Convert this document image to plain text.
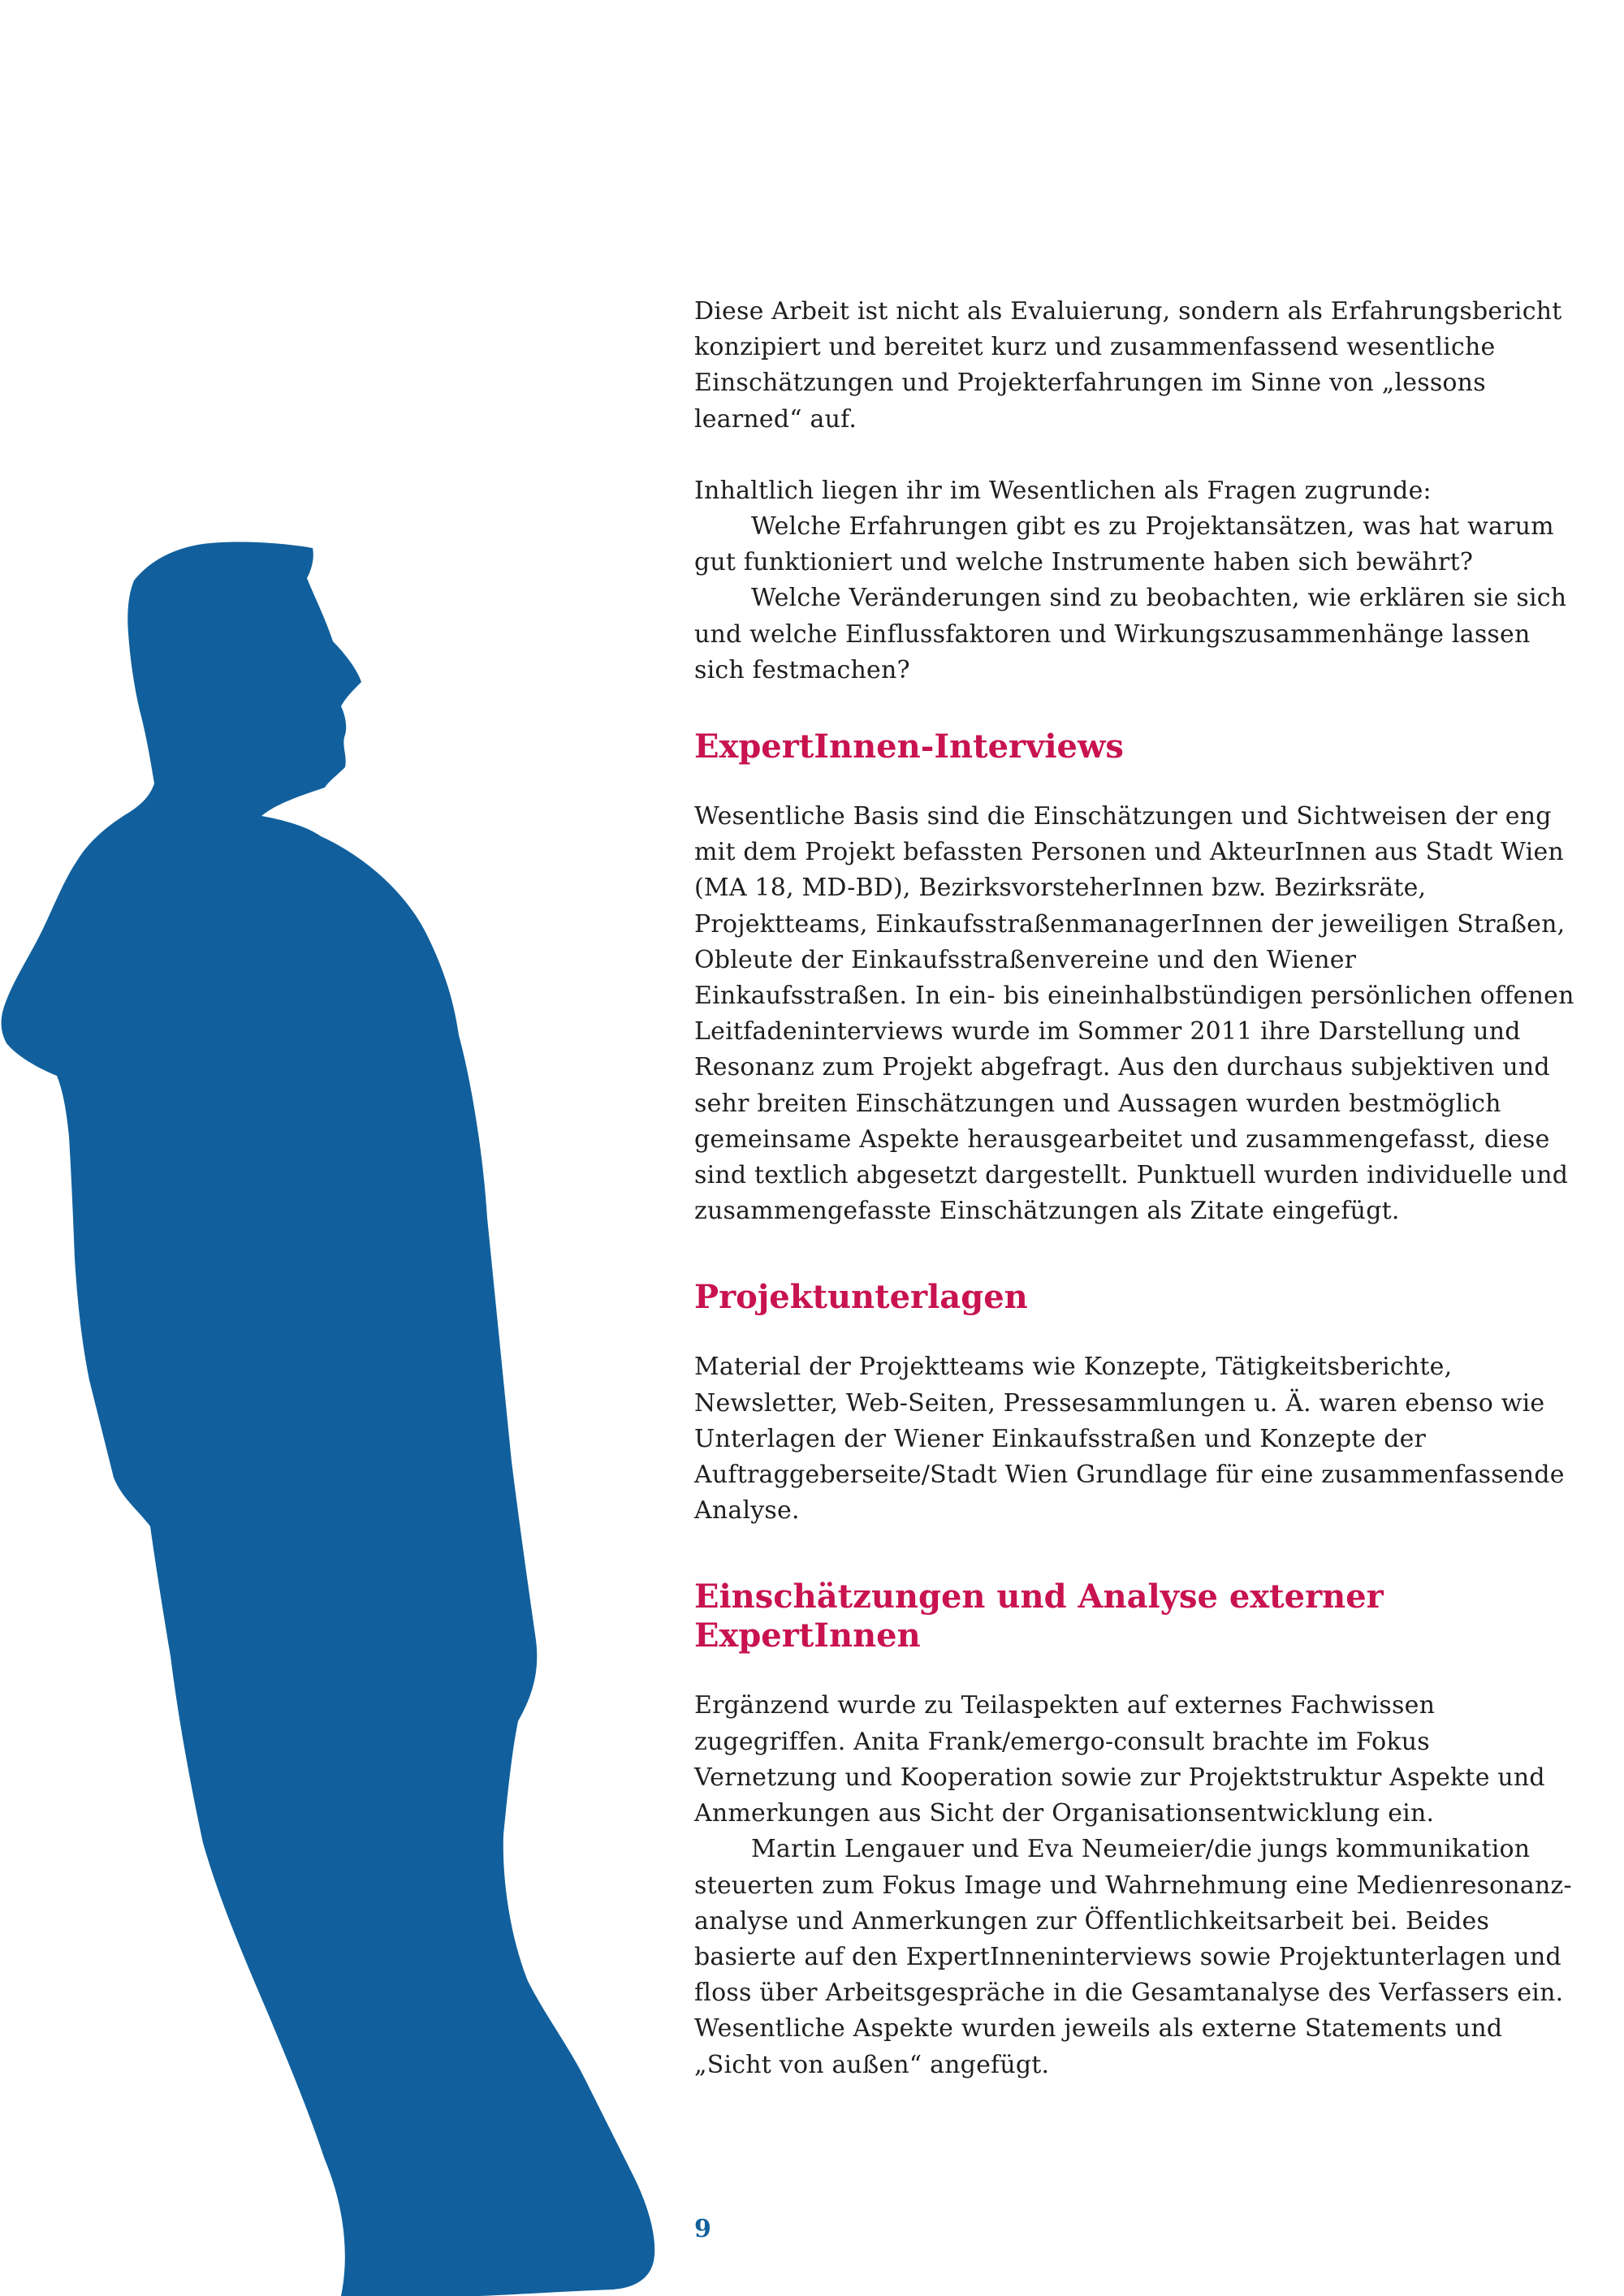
Diese Arbeit ist nicht als Evaluierung, sondern als Erfahrungsbericht konzipiert und bereitet kurz und zusammenfassend wesentliche Einschätzungen und Projekterfahrungen im Sinne von „lessons learned“ auf.

Inhaltlich liegen ihr im Wesentlichen als Fragen zugrunde:

Welche Erfahrungen gibt es zu Projektansätzen, was hat warum gut funktioniert und welche Instrumente haben sich bewährt?

Welche Veränderungen sind zu beobachten, wie erklären sie sich und welche Einflussfaktoren und Wirkungszusammenhänge lassen sich festmachen?

ExpertInnen-Interviews

Wesentliche Basis sind die Einschätzungen und Sichtweisen der eng mit dem Projekt befassten Personen und AkteurInnen aus Stadt Wien (MA 18, MD-BD), BezirksvorsteherInnen bzw. Bezirksräte, Projektteams, EinkaufsstraßenmanagerInnen der jeweiligen Straßen, Obleute der Einkaufsstraßenvereine und den Wiener Einkaufsstraßen. In ein- bis eineinhalbstündigen persönlichen offenen Leitfadeninterviews wurde im Sommer 2011 ihre Darstellung und Resonanz zum Projekt abgefragt. Aus den durchaus subjektiven und sehr breiten Einschätzungen und Aussagen wurden bestmöglich gemeinsame Aspekte herausgearbeitet und zusammengefasst, diese sind textlich abgesetzt dargestellt. Punktuell wurden individuelle und zusammengefasste Einschätzungen als Zitate eingefügt.

Projektunterlagen

Material der Projektteams wie Konzepte, Tätigkeitsberichte, Newsletter, Web-Seiten, Pressesammlungen u. Ä. waren ebenso wie Unterlagen der Wiener Einkaufsstraßen und Konzepte der Auftraggeberseite/Stadt Wien Grundlage für eine zusammenfassende Analyse.

Einschätzungen und Analyse externer ExpertInnen

Ergänzend wurde zu Teilaspekten auf externes Fachwissen zugegriffen. Anita Frank/emergo-consult brachte im Fokus Vernetzung und Kooperation sowie zur Projektstruktur Aspekte und Anmerkungen aus Sicht der Organisationsentwicklung ein.

Martin Lengauer und Eva Neumeier/die jungs kommunikation steuerten zum Fokus Image und Wahrnehmung eine Medienresonanzanalyse und Anmerkungen zur Öffentlichkeitsarbeit bei. Beides basierte auf den ExpertInneninterviews sowie Projektunterlagen und floss über Arbeitsgespräche in die Gesamtanalyse des Verfassers ein. Wesentliche Aspekte wurden jeweils als externe Statements und „Sicht von außen“ angefügt.

9
